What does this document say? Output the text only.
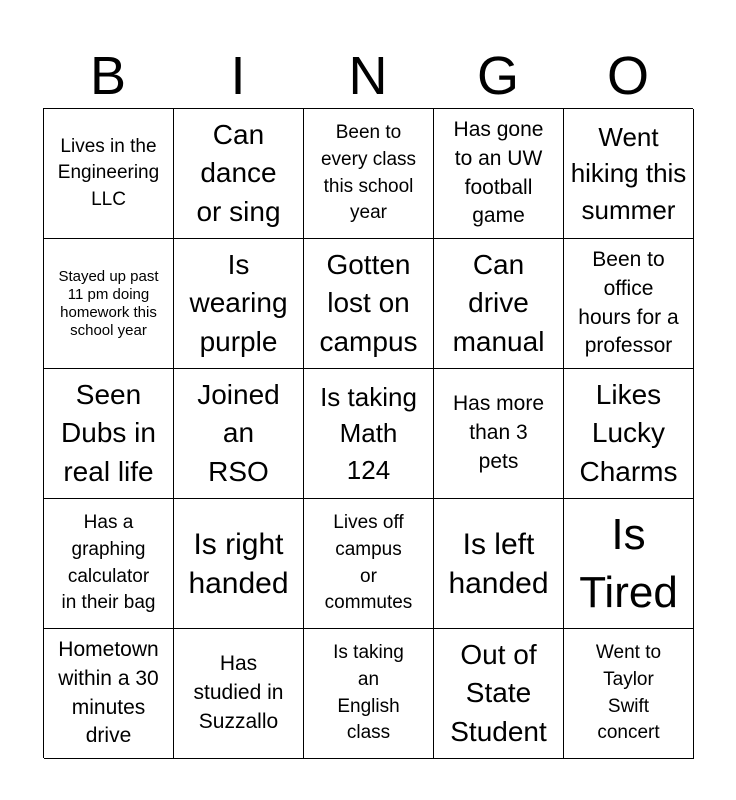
B	I	N	G	O
Lives in the
Engineering
LLC
Can
dance
or sing
Been to
every class
this school
year
Has gone
to an UW
football
game
Went
hiking this
summer
Stayed up past
11 pm doing
homework this
school year
Is
wearing
purple
Gotten
lost on
campus
Can
drive
manual
Been to
office
hours for a
professor
Seen
Dubs in
real life
Joined
an
RSO
Is taking
Math
124
Has more
than 3
pets
Likes
Lucky
Charms
Has a
graphing
calculator
in their bag
Is right
handed
Lives off
campus
or
commutes
Is left
handed
Is
Tired
Hometown
within a 30
minutes
drive
Has
studied in
Suzzallo
Is taking
an
English
class
Out of
State
Student
Went to
Taylor
Swift
concert
